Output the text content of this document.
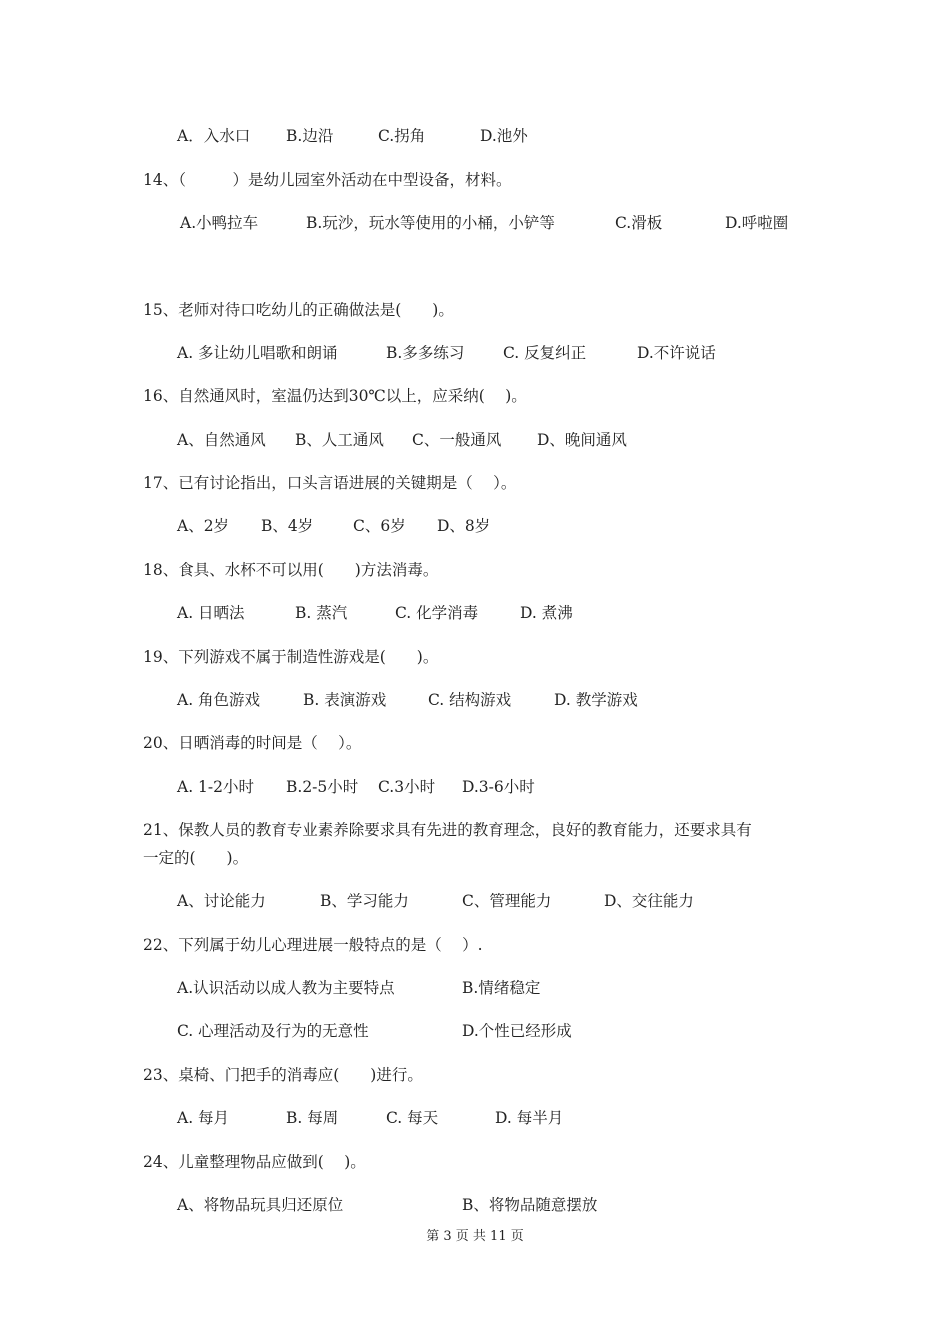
A．入水口 B.边沿	C.拐角	D.池外
14、（　　　）是幼儿园室外活动在中型设备，材料。
A.小鸭拉车	B.玩沙，玩水等使用的小桶，小铲等	C.滑板	D.呼啦圈
15、老师对待口吃幼儿的正确做法是(　　)。
A. 多让幼儿唱歌和朗诵	B.多多练习 C. 反复纠正	D.不许说话
16、自然通风时，室温仍达到30℃以上，应采纳(　 )。
A、自然通风 B、人工通风 C、一般通风 D、晚间通风
17、已有讨论指出，口头言语进展的关键期是（　 ）。
A、2岁 B、4岁	C、6岁 D、8岁
18、食具、水杯不可以用(　　)方法消毒。
A. 日晒法	B. 蒸汽	C. 化学消毒	D. 煮沸
19、下列游戏不属于制造性游戏是(　　)。
A. 角色游戏	B. 表演游戏	C. 结构游戏	D. 教学游戏
20、日晒消毒的时间是（　 ）。
A. 1-2小时 B.2-5小时 C.3小时 D.3-6小时
21、保教人员的教育专业素养除要求具有先进的教育理念，良好的教育能力，还要求具有
一定的(　　)。
A、讨论能力	B、学习能力	C、管理能力	D、交往能力
22、下列属于幼儿心理进展一般特点的是（　 ）.
A.认识活动以成人教为主要特点	B.情绪稳定
C. 心理活动及行为的无意性	D.个性已经形成
23、桌椅、门把手的消毒应(　　)进行。
A. 每月	B. 每周	C. 每天	D. 每半月
24、儿童整理物品应做到(　 )。
A、将物品玩具归还原位	B、将物品随意摆放
第 3 页 共 11 页
